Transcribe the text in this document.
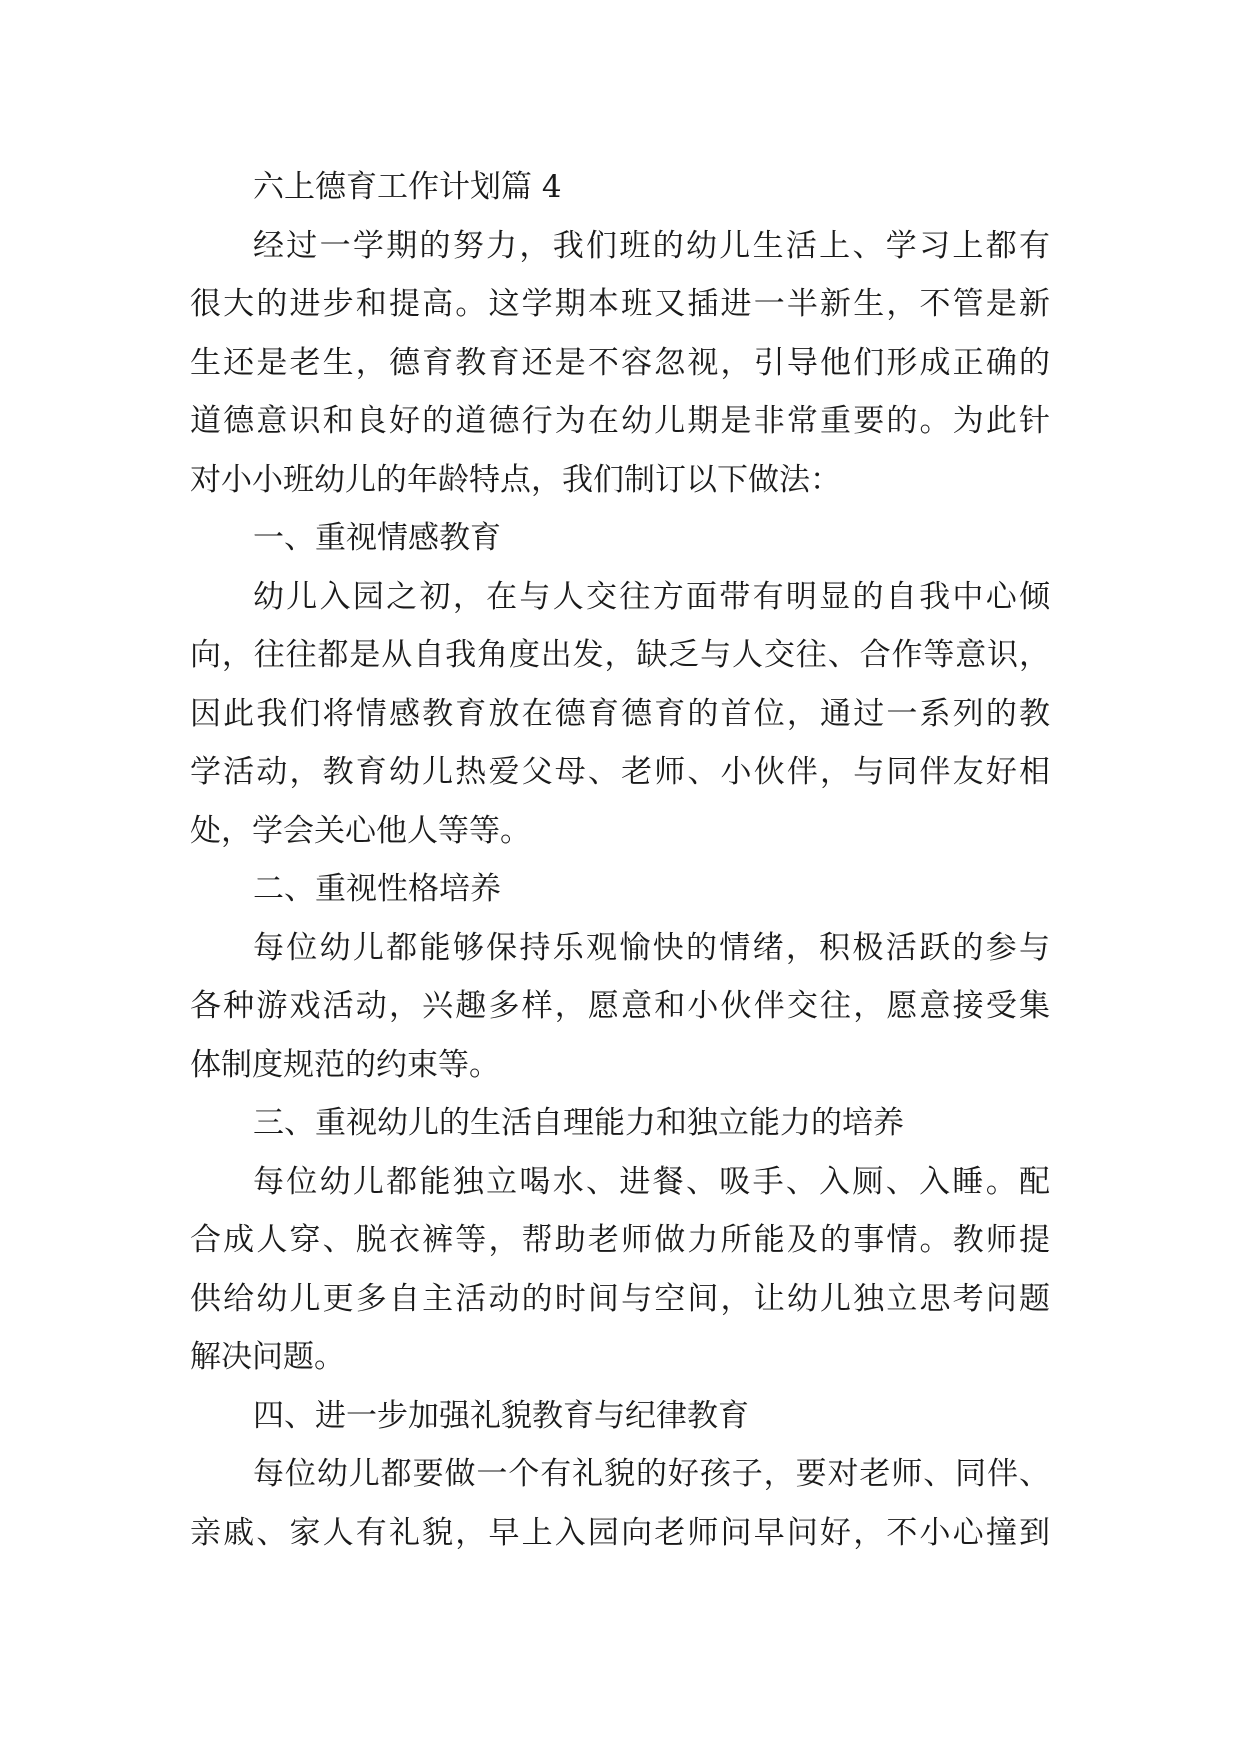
六上德育工作计划篇 4
经过一学期的努力，我们班的幼儿生活上、学习上都有
很大的进步和提高。这学期本班又插进一半新生，不管是新
生还是老生，德育教育还是不容忽视，引导他们形成正确的
道德意识和良好的道德行为在幼儿期是非常重要的。为此针
对小小班幼儿的年龄特点，我们制订以下做法：
一、重视情感教育
幼儿入园之初，在与人交往方面带有明显的自我中心倾
向，往往都是从自我角度出发，缺乏与人交往、合作等意识，
因此我们将情感教育放在德育德育的首位，通过一系列的教
学活动，教育幼儿热爱父母、老师、小伙伴，与同伴友好相
处，学会关心他人等等。
二、重视性格培养
每位幼儿都能够保持乐观愉快的情绪，积极活跃的参与
各种游戏活动，兴趣多样，愿意和小伙伴交往，愿意接受集
体制度规范的约束等。
三、重视幼儿的生活自理能力和独立能力的培养
每位幼儿都能独立喝水、进餐、吸手、入厕、入睡。配
合成人穿、脱衣裤等，帮助老师做力所能及的事情。教师提
供给幼儿更多自主活动的时间与空间，让幼儿独立思考问题
解决问题。
四、进一步加强礼貌教育与纪律教育
每位幼儿都要做一个有礼貌的好孩子，要对老师、同伴、
亲戚、家人有礼貌，早上入园向老师问早问好，不小心撞到
